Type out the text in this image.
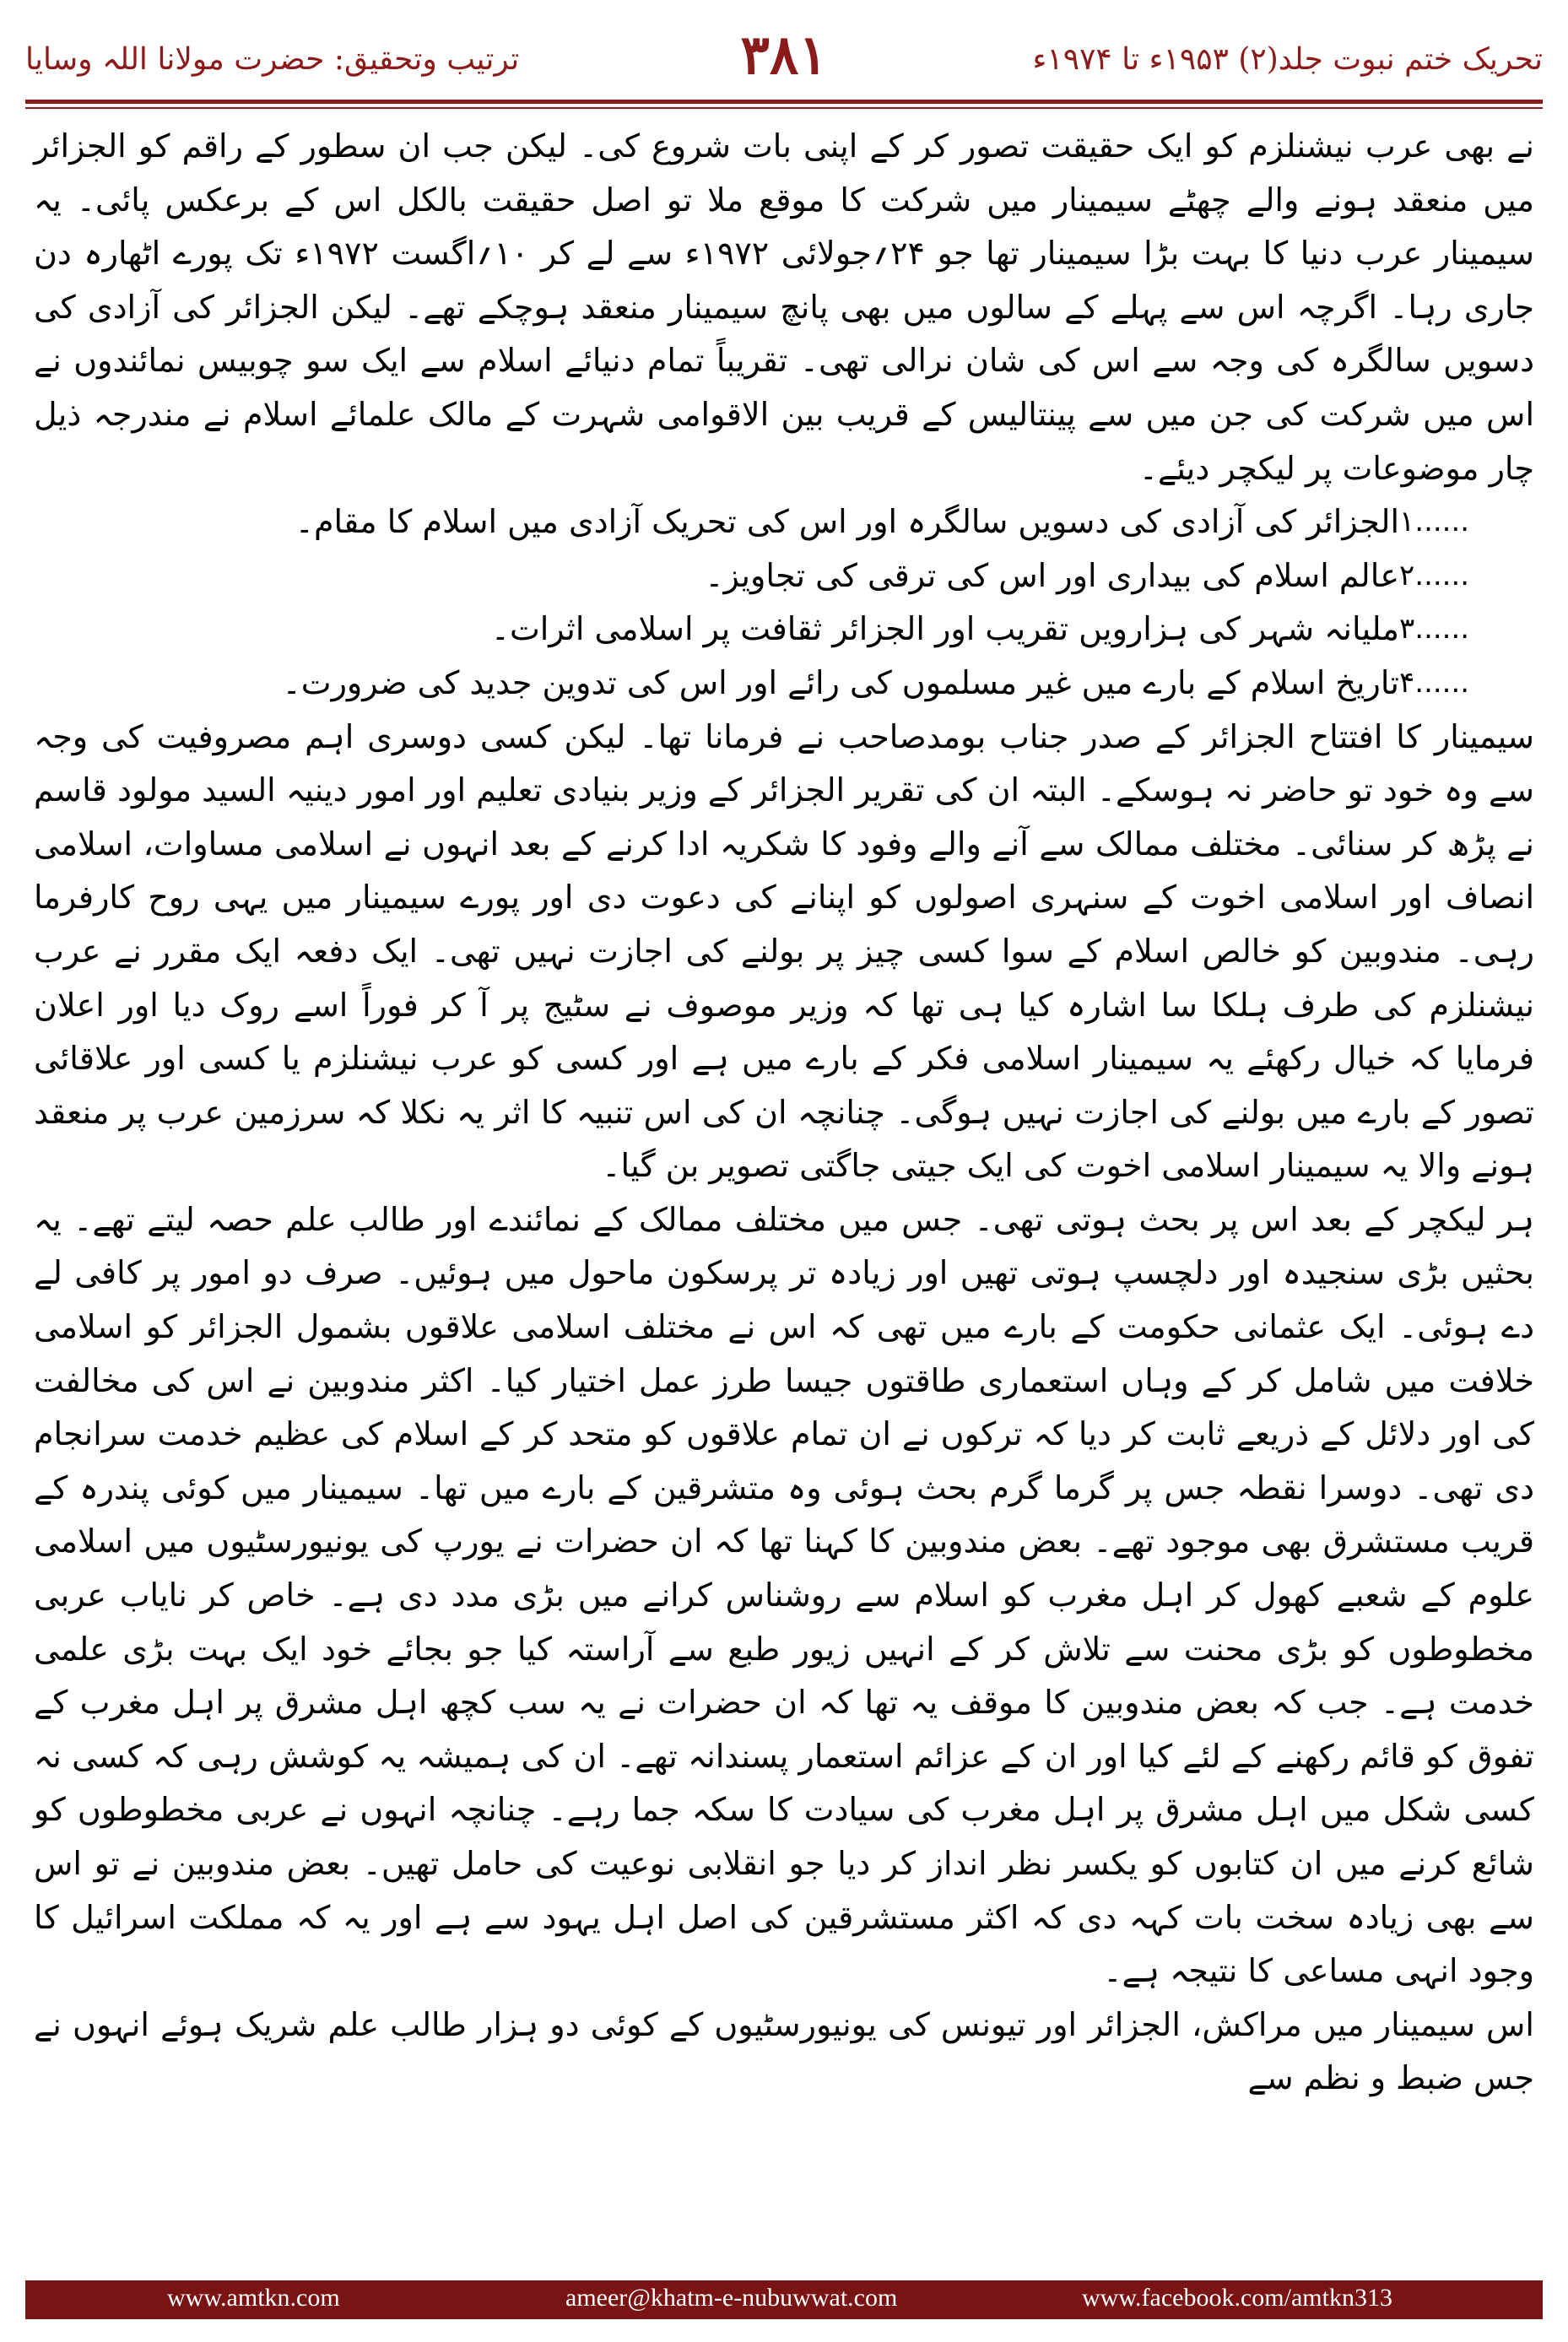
تحریک ختم نبوت جلد(۲) ۱۹۵۳ء تا ۱۹۷۴ء
۳۸۱
ترتیب وتحقیق: حضرت مولانا اللہ وسایا

نے بھی عرب نیشنلزم کو ایک حقیقت تصور کر کے اپنی بات شروع کی۔ لیکن جب ان سطور کے راقم کو الجزائر میں منعقد ہونے والے چھٹے سیمینار میں شرکت کا موقع ملا تو اصل حقیقت بالکل اس کے برعکس پائی۔ یہ سیمینار عرب دنیا کا بہت بڑا سیمینار تھا جو ۲۴؍جولائی ۱۹۷۲ء سے لے کر ۱۰؍اگست ۱۹۷۲ء تک پورے اٹھارہ دن جاری رہا۔ اگرچہ اس سے پہلے کے سالوں میں بھی پانچ سیمینار منعقد ہوچکے تھے۔ لیکن الجزائر کی آزادی کی دسویں سالگرہ کی وجہ سے اس کی شان نرالی تھی۔ تقریباً تمام دنیائے اسلام سے ایک سو چوبیس نمائندوں نے اس میں شرکت کی جن میں سے پینتالیس کے قریب بین الاقوامی شہرت کے مالک علمائے اسلام نے مندرجہ ذیل چار موضوعات پر لیکچر دیئے۔

۱......
الجزائر کی آزادی کی دسویں سالگرہ اور اس کی تحریک آزادی میں اسلام کا مقام۔
۲......
عالم اسلام کی بیداری اور اس کی ترقی کی تجاویز۔
۳......
ملیانہ شہر کی ہزارویں تقریب اور الجزائر ثقافت پر اسلامی اثرات۔
۴......
تاریخ اسلام کے بارے میں غیر مسلموں کی رائے اور اس کی تدوین جدید کی ضرورت۔

سیمینار کا افتتاح الجزائر کے صدر جناب بومدصاحب نے فرمانا تھا۔ لیکن کسی دوسری اہم مصروفیت کی وجہ سے وہ خود تو حاضر نہ ہوسکے۔ البتہ ان کی تقریر الجزائر کے وزیر بنیادی تعلیم اور امور دینیہ السید مولود قاسم نے پڑھ کر سنائی۔ مختلف ممالک سے آنے والے وفود کا شکریہ ادا کرنے کے بعد انہوں نے اسلامی مساوات، اسلامی انصاف اور اسلامی اخوت کے سنہری اصولوں کو اپنانے کی دعوت دی اور پورے سیمینار میں یہی روح کارفرما رہی۔ مندوبین کو خالص اسلام کے سوا کسی چیز پر بولنے کی اجازت نہیں تھی۔ ایک دفعہ ایک مقرر نے عرب نیشنلزم کی طرف ہلکا سا اشارہ کیا ہی تھا کہ وزیر موصوف نے سٹیج پر آ کر فوراً اسے روک دیا اور اعلان فرمایا کہ خیال رکھئے یہ سیمینار اسلامی فکر کے بارے میں ہے اور کسی کو عرب نیشنلزم یا کسی اور علاقائی تصور کے بارے میں بولنے کی اجازت نہیں ہوگی۔ چنانچہ ان کی اس تنبیہ کا اثر یہ نکلا کہ سرزمین عرب پر منعقد ہونے والا یہ سیمینار اسلامی اخوت کی ایک جیتی جاگتی تصویر بن گیا۔

ہر لیکچر کے بعد اس پر بحث ہوتی تھی۔ جس میں مختلف ممالک کے نمائندے اور طالب علم حصہ لیتے تھے۔ یہ بحثیں بڑی سنجیدہ اور دلچسپ ہوتی تھیں اور زیادہ تر پرسکون ماحول میں ہوئیں۔ صرف دو امور پر کافی لے دے ہوئی۔ ایک عثمانی حکومت کے بارے میں تھی کہ اس نے مختلف اسلامی علاقوں بشمول الجزائر کو اسلامی خلافت میں شامل کر کے وہاں استعماری طاقتوں جیسا طرز عمل اختیار کیا۔ اکثر مندوبین نے اس کی مخالفت کی اور دلائل کے ذریعے ثابت کر دیا کہ ترکوں نے ان تمام علاقوں کو متحد کر کے اسلام کی عظیم خدمت سرانجام دی تھی۔ دوسرا نقطہ جس پر گرما گرم بحث ہوئی وہ متشرقین کے بارے میں تھا۔ سیمینار میں کوئی پندرہ کے قریب مستشرق بھی موجود تھے۔ بعض مندوبین کا کہنا تھا کہ ان حضرات نے یورپ کی یونیورسٹیوں میں اسلامی علوم کے شعبے کھول کر اہل مغرب کو اسلام سے روشناس کرانے میں بڑی مدد دی ہے۔ خاص کر نایاب عربی مخطوطوں کو بڑی محنت سے تلاش کر کے انہیں زیور طبع سے آراستہ کیا جو بجائے خود ایک بہت بڑی علمی خدمت ہے۔ جب کہ بعض مندوبین کا موقف یہ تھا کہ ان حضرات نے یہ سب کچھ اہل مشرق پر اہل مغرب کے تفوق کو قائم رکھنے کے لئے کیا اور ان کے عزائم استعمار پسندانہ تھے۔ ان کی ہمیشہ یہ کوشش رہی کہ کسی نہ کسی شکل میں اہل مشرق پر اہل مغرب کی سیادت کا سکہ جما رہے۔ چنانچہ انہوں نے عربی مخطوطوں کو شائع کرنے میں ان کتابوں کو یکسر نظر انداز کر دیا جو انقلابی نوعیت کی حامل تھیں۔ بعض مندوبین نے تو اس سے بھی زیادہ سخت بات کہہ دی کہ اکثر مستشرقین کی اصل اہل یہود سے ہے اور یہ کہ مملکت اسرائیل کا وجود انہی مساعی کا نتیجہ ہے۔

اس سیمینار میں مراکش، الجزائر اور تیونس کی یونیورسٹیوں کے کوئی دو ہزار طالب علم شریک ہوئے انہوں نے جس ضبط و نظم سے

www.amtkn.com	ameer@khatm-e-nubuwwat.com	www.facebook.com/amtkn313
